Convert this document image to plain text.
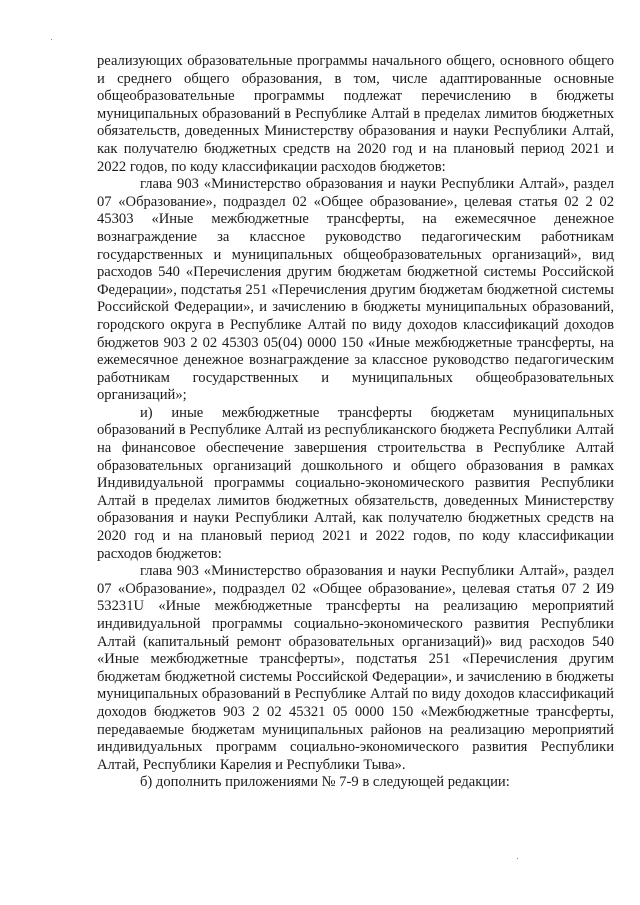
реализующих образовательные программы начального общего, основного общего и среднего общего образования, в том, числе адаптированные основные общеобразовательные программы подлежат перечислению в бюджеты муниципальных образований в Республике Алтай в пределах лимитов бюджетных обязательств, доведенных Министерству образования и науки Республики Алтай, как получателю бюджетных средств на 2020 год и на плановый период 2021 и 2022 годов, по коду классификации расходов бюджетов:

глава 903 «Министерство образования и науки Республики Алтай», раздел 07 «Образование», подраздел 02 «Общее образование», целевая статья 02 2 02 45303 «Иные межбюджетные трансферты, на ежемесячное денежное вознаграждение за классное руководство педагогическим работникам государственных и муниципальных общеобразовательных организаций», вид расходов 540 «Перечисления другим бюджетам бюджетной системы Российской Федерации», подстатья 251 «Перечисления другим бюджетам бюджетной системы Российской Федерации», и зачислению в бюджеты муниципальных образований, городского округа в Республике Алтай по виду доходов классификаций доходов бюджетов 903 2 02 45303 05(04) 0000 150 «Иные межбюджетные трансферты, на ежемесячное денежное вознаграждение за классное руководство педагогическим работникам государственных и муниципальных общеобразовательных организаций»;

и) иные межбюджетные трансферты бюджетам муниципальных образований в Республике Алтай из республиканского бюджета Республики Алтай на финансовое обеспечение завершения строительства в Республике Алтай образовательных организаций дошкольного и общего образования в рамках Индивидуальной программы социально-экономического развития Республики Алтай в пределах лимитов бюджетных обязательств, доведенных Министерству образования и науки Республики Алтай, как получателю бюджетных средств на 2020 год и на плановый период 2021 и 2022 годов, по коду классификации расходов бюджетов:

глава 903 «Министерство образования и науки Республики Алтай», раздел 07 «Образование», подраздел 02 «Общее образование», целевая статья 07 2 И9 53231U «Иные межбюджетные трансферты на реализацию мероприятий индивидуальной программы социально-экономического развития Республики Алтай (капитальный ремонт образовательных организаций)» вид расходов 540 «Иные межбюджетные трансферты», подстатья 251 «Перечисления другим бюджетам бюджетной системы Российской Федерации», и зачислению в бюджеты муниципальных образований в Республике Алтай по виду доходов классификаций доходов бюджетов 903 2 02 45321 05 0000 150 «Межбюджетные трансферты, передаваемые бюджетам муниципальных районов на реализацию мероприятий индивидуальных программ социально-экономического развития Республики Алтай, Республики Карелия и Республики Тыва».

б) дополнить приложениями № 7-9 в следующей редакции:
